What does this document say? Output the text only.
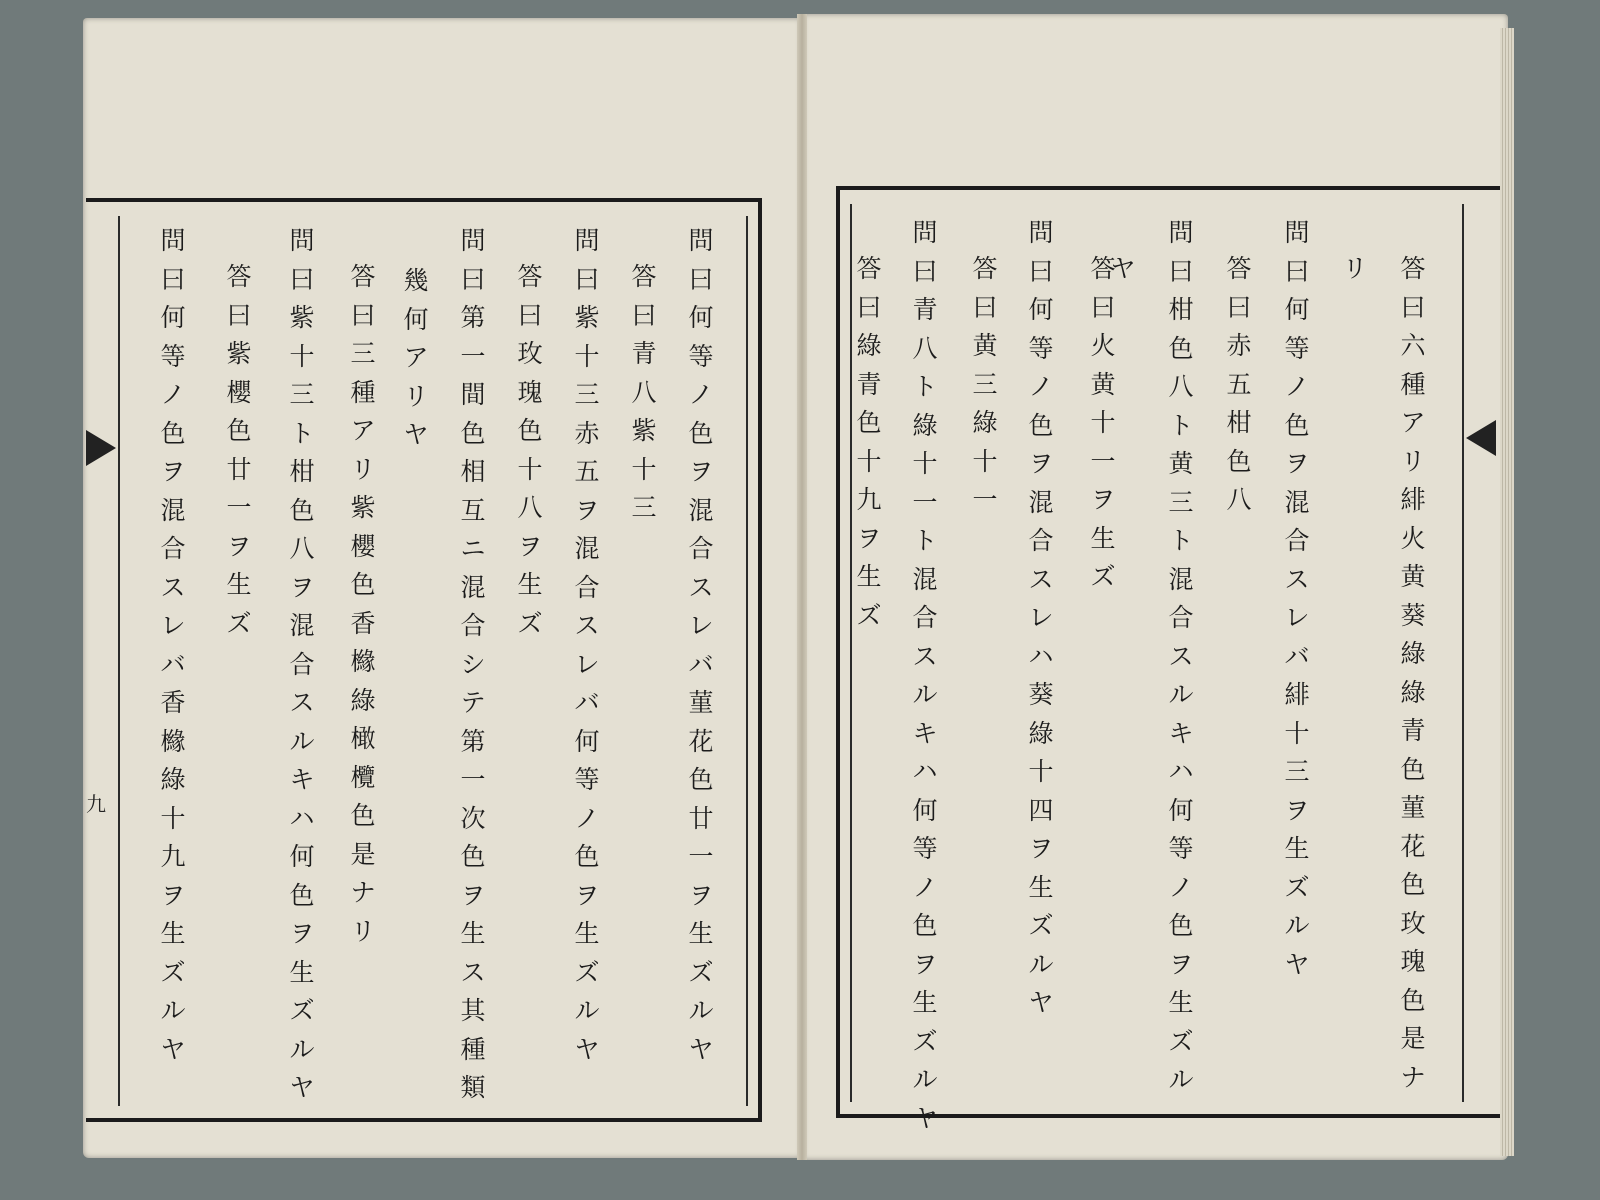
九
問
曰
何
等
ノ
色
ヲ
混
合
ス
レ
バ
菫
花
色
廿
一
ヲ
生
ズ
ル
ヤ
答
曰
青
八
紫
十
三
問
曰
紫
十
三
赤
五
ヲ
混
合
ス
レ
バ
何
等
ノ
色
ヲ
生
ズ
ル
ヤ
答
曰
玫
瑰
色
十
八
ヲ
生
ズ
問
曰
第
一
間
色
相
互
ニ
混
合
シ
テ
第
一
次
色
ヲ
生
ス
其
種
類
幾
何
ア
リ
ヤ
答
曰
三
種
ア
リ
紫
櫻
色
香
櫞
綠
橄
欖
色
是
ナ
リ
問
曰
紫
十
三
ト
柑
色
八
ヲ
混
合
ス
ル
キ
ハ
何
色
ヲ
生
ズ
ル
ヤ
答
曰
紫
櫻
色
廿
一
ヲ
生
ズ
問
曰
何
等
ノ
色
ヲ
混
合
ス
レ
バ
香
櫞
綠
十
九
ヲ
生
ズ
ル
ヤ
答
曰
六
種
ア
リ
緋
火
黄
葵
綠
綠
青
色
菫
花
色
玫
瑰
色
是
ナ
リ
問
曰
何
等
ノ
色
ヲ
混
合
ス
レ
バ
緋
十
三
ヲ
生
ズ
ル
ヤ
答
曰
赤
五
柑
色
八
問
曰
柑
色
八
ト
黄
三
ト
混
合
ス
ル
キ
ハ
何
等
ノ
色
ヲ
生
ズ
ル
ヤ
答
曰
火
黄
十
一
ヲ
生
ズ
問
曰
何
等
ノ
色
ヲ
混
合
ス
レ
ハ
葵
綠
十
四
ヲ
生
ズ
ル
ヤ
答
曰
黄
三
綠
十
一
問
曰
青
八
ト
綠
十
一
ト
混
合
ス
ル
キ
ハ
何
等
ノ
色
ヲ
生
ズ
ル
ヤ
答
曰
綠
青
色
十
九
ヲ
生
ズ
